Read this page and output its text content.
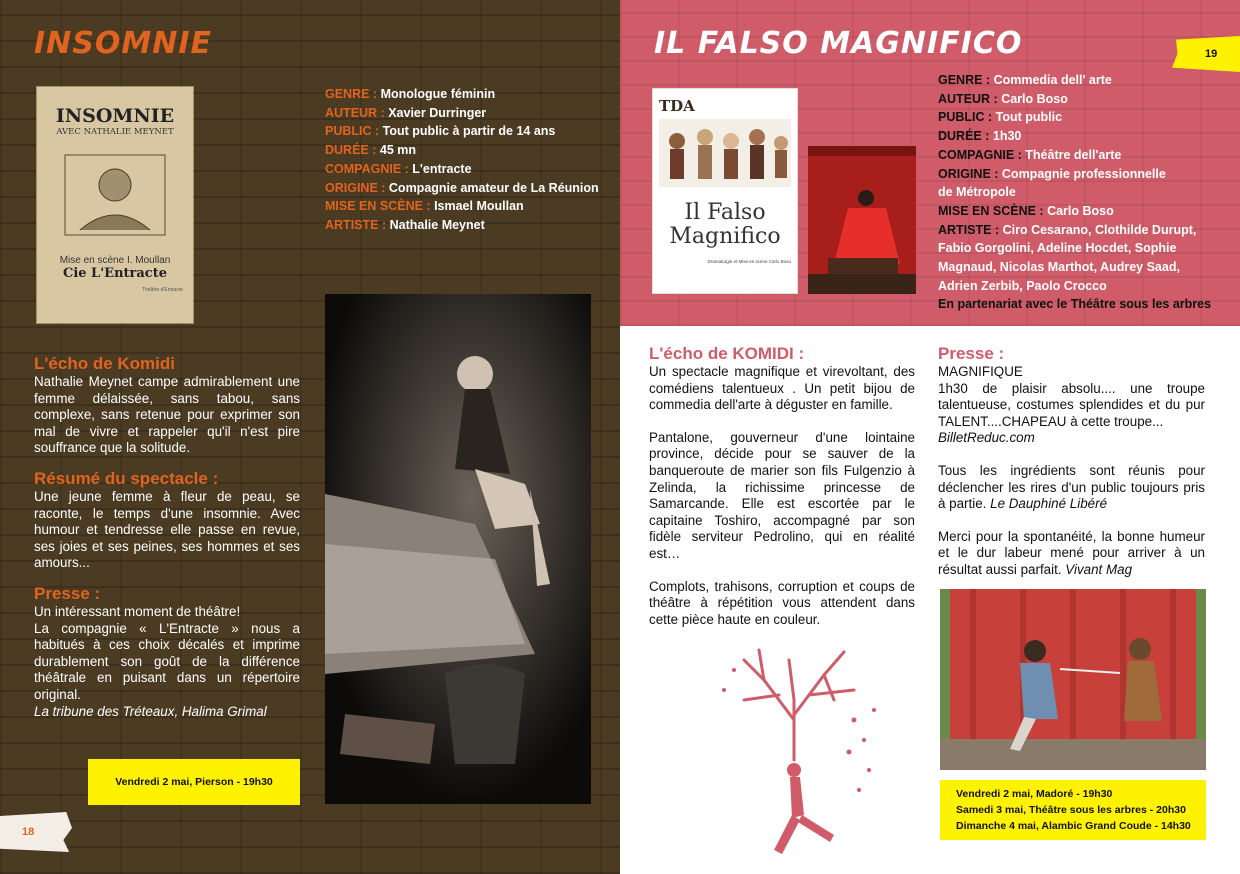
INSOMNIE
INSOMNIE
AVEC NATHALIE MEYNET
Mise en scène I. Moullan
Cie L'Entracte
Théâtre d'Entracte
GENRE : Monologue féminin
AUTEUR : Xavier Durringer
PUBLIC : Tout public à partir de 14 ans
DURÉE : 45 mn
COMPAGNIE : L'entracte
ORIGINE : Compagnie amateur de La Réunion
MISE EN SCÈNE : Ismael Moullan
ARTISTE : Nathalie Meynet
L'écho de Komidi
Nathalie Meynet campe admirablement une femme délaissée, sans tabou, sans complexe, sans retenue pour exprimer son mal de vivre et rappeler qu'il n'est pire souffrance que la solitude.
Résumé du spectacle :
Une jeune femme à fleur de peau, se raconte, le temps d'une insomnie. Avec humour et tendresse elle passe en revue, ses joies et ses peines, ses hommes et ses amours...
Presse :
Un intéressant moment de théâtre!
La compagnie « L'Entracte » nous a habitués à ces choix décalés et imprime durablement son goût de la différence théâtrale en puisant dans un répertoire original.
La tribune des Tréteaux, Halima Grimal
Vendredi 2 mai, Pierson - 19h30
18
IL FALSO MAGNIFICO	19
TDA
Il Falso
Magnifico
Dramaturgie et Mise en scène Carlo Boso
GENRE : Commedia dell' arte
AUTEUR : Carlo Boso
PUBLIC : Tout public
DURÉE : 1h30
COMPAGNIE : Théâtre dell'arte
ORIGINE : Compagnie professionnelle
de Métropole
MISE EN SCÈNE : Carlo Boso
ARTISTE : Ciro Cesarano, Clothilde Durupt,
Fabio Gorgolini, Adeline Hocdet, Sophie
Magnaud, Nicolas Marthot, Audrey Saad,
Adrien Zerbib, Paolo Crocco
En partenariat avec le Théâtre sous les arbres
L'écho de KOMIDI :
Un spectacle magnifique et virevoltant, des comédiens talentueux . Un petit bijou de commedia dell'arte à déguster en famille.
Pantalone, gouverneur d'une lointaine province, décide pour se sauver de la banqueroute de marier son fils Fulgenzio à Zelinda, la richissime princesse de Samarcande. Elle est escortée par le capitaine Toshiro, accompagné par son fidèle serviteur Pedrolino, qui en réalité est…
Complots, trahisons, corruption et coups de théâtre à répétition vous attendent dans cette pièce haute en couleur.
Presse :
MAGNIFIQUE
1h30 de plaisir absolu.... une troupe talentueuse, costumes splendides et du pur TALENT....CHAPEAU à cette troupe...
BilletReduc.com
Tous les ingrédients sont réunis pour déclencher les rires d'un public toujours pris à partie. Le Dauphiné Libéré
Merci pour la spontanéité, la bonne humeur et le dur labeur mené pour arriver à un résultat aussi parfait. Vivant Mag
Vendredi 2 mai, Madoré - 19h30
Samedi 3 mai, Théâtre sous les arbres - 20h30
Dimanche 4 mai, Alambic Grand Coude - 14h30
